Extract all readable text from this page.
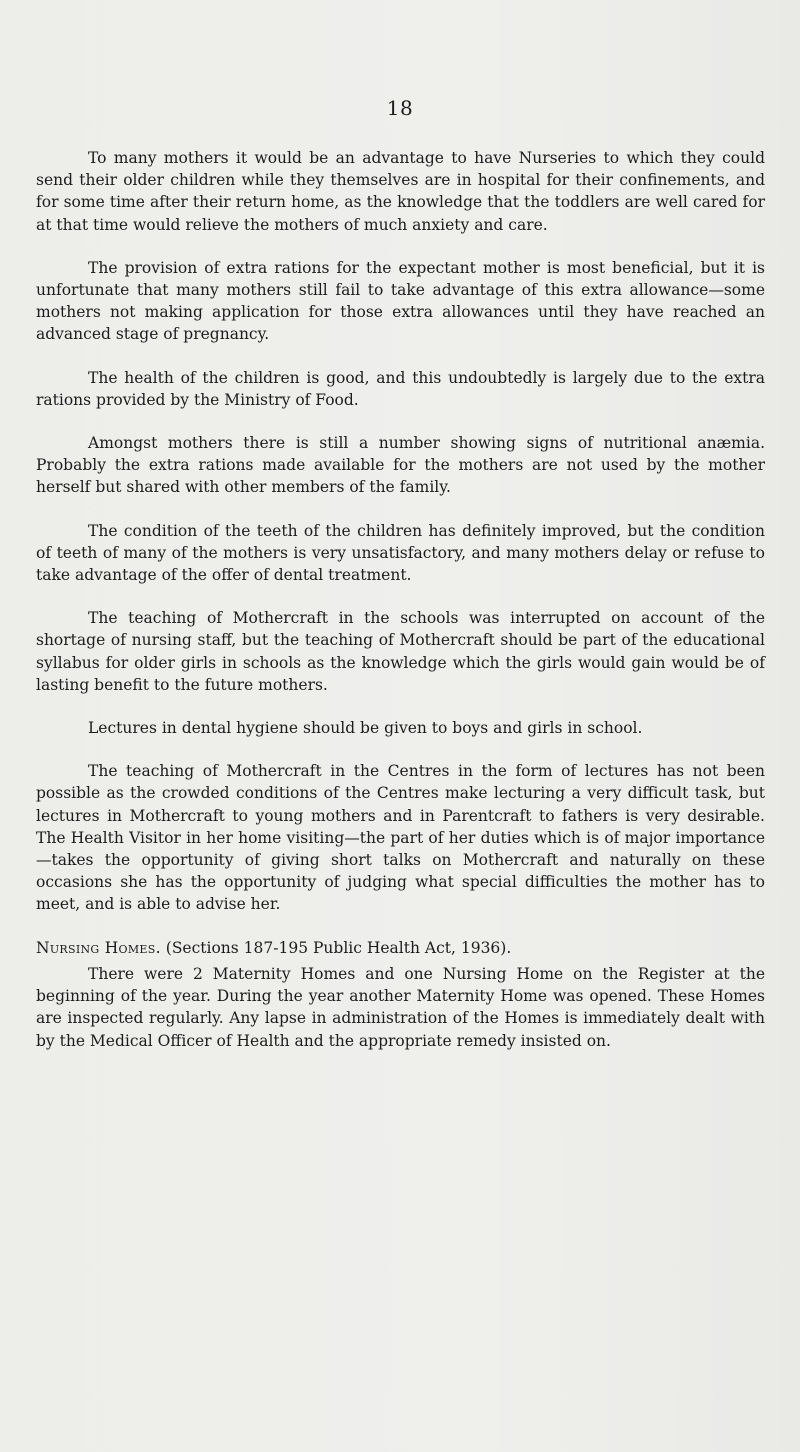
18

To many mothers it would be an advantage to have Nurseries to which they could send their older children while they themselves are in hospital for their confinements, and for some time after their return home, as the knowledge that the toddlers are well cared for at that time would relieve the mothers of much anxiety and care.

The provision of extra rations for the expectant mother is most beneficial, but it is unfortunate that many mothers still fail to take advantage of this extra allowance—some mothers not making application for those extra allowances until they have reached an advanced stage of pregnancy.

The health of the children is good, and this undoubtedly is largely due to the extra rations provided by the Ministry of Food.

Amongst mothers there is still a number showing signs of nutritional anæmia. Probably the extra rations made available for the mothers are not used by the mother herself but shared with other members of the family.

The condition of the teeth of the children has definitely improved, but the condition of teeth of many of the mothers is very unsatisfactory, and many mothers delay or refuse to take advantage of the offer of dental treatment.

The teaching of Mothercraft in the schools was interrupted on account of the shortage of nursing staff, but the teaching of Mothercraft should be part of the educational syllabus for older girls in schools as the knowledge which the girls would gain would be of lasting benefit to the future mothers.

Lectures in dental hygiene should be given to boys and girls in school.

The teaching of Mothercraft in the Centres in the form of lectures has not been possible as the crowded conditions of the Centres make lecturing a very difficult task, but lectures in Mothercraft to young mothers and in Parentcraft to fathers is very desirable. The Health Visitor in her home visiting—the part of her duties which is of major importance—takes the opportunity of giving short talks on Mothercraft and naturally on these occasions she has the opportunity of judging what special difficulties the mother has to meet, and is able to advise her.

Nursing Homes. (Sections 187-195 Public Health Act, 1936).

There were 2 Maternity Homes and one Nursing Home on the Register at the beginning of the year. During the year another Maternity Home was opened. These Homes are inspected regularly. Any lapse in administration of the Homes is immediately dealt with by the Medical Officer of Health and the appropriate remedy insisted on.
